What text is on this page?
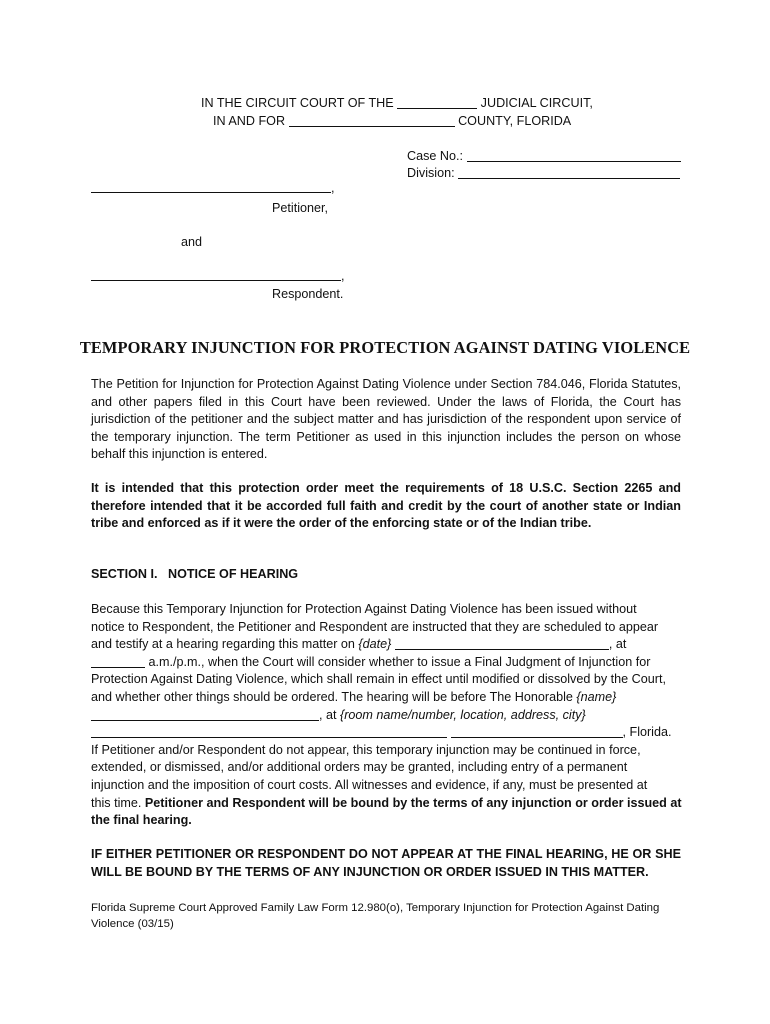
IN THE CIRCUIT COURT OF THE	JUDICIAL CIRCUIT,
IN AND FOR	COUNTY, FLORIDA
Case No.:
Division:
,
Petitioner,
and
,
Respondent.
TEMPORARY INJUNCTION FOR PROTECTION AGAINST DATING VIOLENCE

The Petition for Injunction for Protection Against Dating Violence under Section 784.046, Florida Statutes, and other papers filed in this Court have been reviewed. Under the laws of Florida, the Court has jurisdiction of the petitioner and the subject matter and has jurisdiction of the respondent upon service of the temporary injunction. The term Petitioner as used in this injunction includes the person on whose behalf this injunction is entered.

It is intended that this protection order meet the requirements of 18 U.S.C. Section 2265 and therefore intended that it be accorded full faith and credit by the court of another state or Indian tribe and enforced as if it were the order of the enforcing state or of the Indian tribe.

SECTION I.   NOTICE OF HEARING
Because this Temporary Injunction for Protection Against Dating Violence has been issued without
notice to Respondent, the Petitioner and Respondent are instructed that they are scheduled to appear
and testify at a hearing regarding this matter on {date}	, at
a.m./p.m., when the Court will consider whether to issue a Final Judgment of Injunction for
Protection Against Dating Violence, which shall remain in effect until modified or dissolved by the Court,
and whether other things should be ordered. The hearing will be before The Honorable {name}
, at {room name/number, location, address, city}
, Florida.
If Petitioner and/or Respondent do not appear, this temporary injunction may be continued in force,
extended, or dismissed, and/or additional orders may be granted, including entry of a permanent
injunction and the imposition of court costs. All witnesses and evidence, if any, must be presented at
this time. Petitioner and Respondent will be bound by the terms of any injunction or order issued at
the final hearing.

IF EITHER PETITIONER OR RESPONDENT DO NOT APPEAR AT THE FINAL HEARING, HE OR SHE WILL BE BOUND BY THE TERMS OF ANY INJUNCTION OR ORDER ISSUED IN THIS MATTER.

Florida Supreme Court Approved Family Law Form 12.980(o), Temporary Injunction for Protection Against Dating Violence (03/15)
